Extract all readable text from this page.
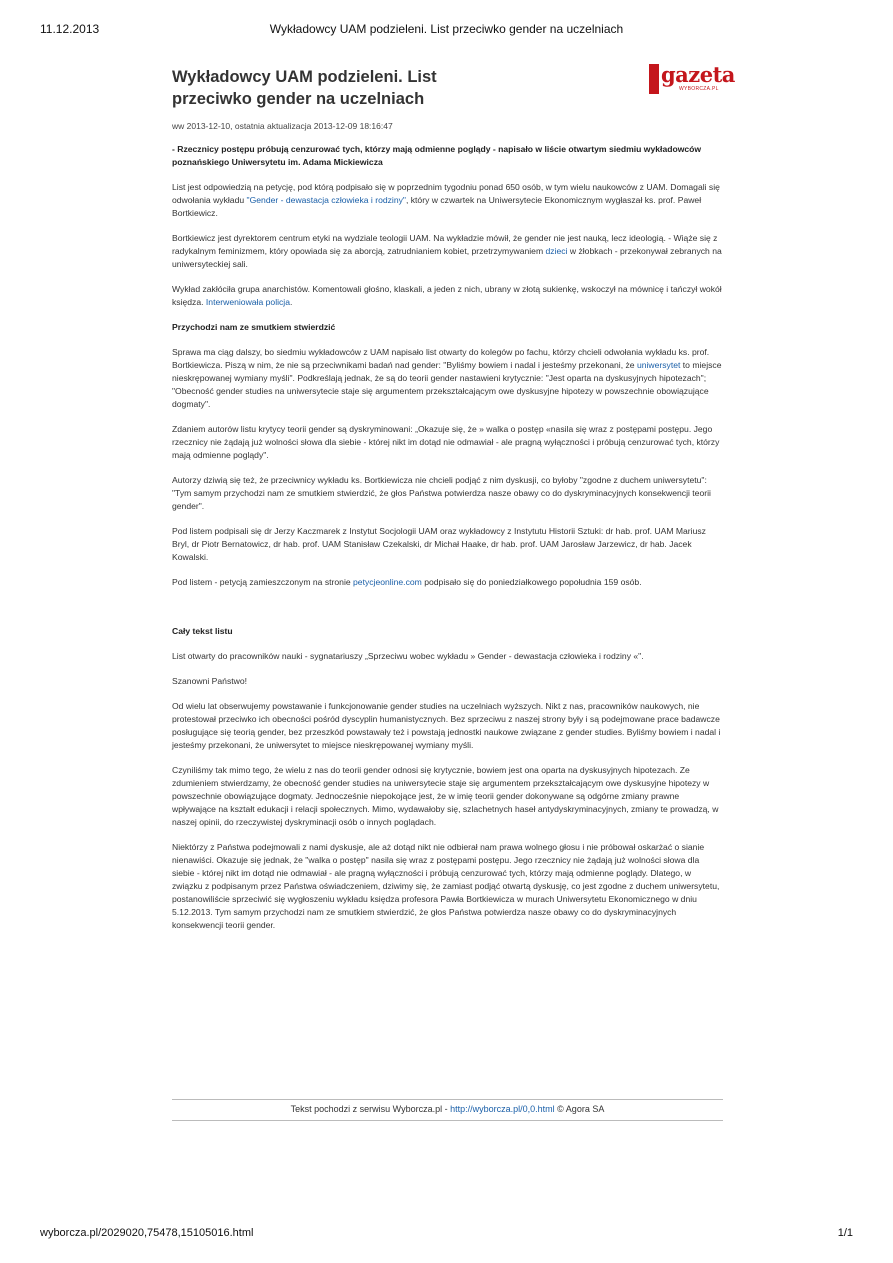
11.12.2013	Wykładowcy UAM podzieleni. List przeciwko gender na uczelniach
gazeta
WYBORCZA.PL
Wykładowcy UAM podzieleni. List przeciwko gender na uczelniach
ww 2013-12-10, ostatnia aktualizacja 2013-12-09 18:16:47
- Rzecznicy postępu próbują cenzurować tych, którzy mają odmienne poglądy - napisało w liście otwartym siedmiu wykładowców poznańskiego Uniwersytetu im. Adama Mickiewicza

List jest odpowiedzią na petycję, pod którą podpisało się w poprzednim tygodniu ponad 650 osób, w tym wielu naukowców z UAM. Domagali się odwołania wykładu "Gender - dewastacja człowieka i rodziny", który w czwartek na Uniwersytecie Ekonomicznym wygłaszał ks. prof. Paweł Bortkiewicz.

Bortkiewicz jest dyrektorem centrum etyki na wydziale teologii UAM. Na wykładzie mówił, że gender nie jest nauką, lecz ideologią. - Wiąże się z radykalnym feminizmem, który opowiada się za aborcją, zatrudnianiem kobiet, przetrzymywaniem dzieci w żłobkach - przekonywał zebranych na uniwersyteckiej sali.

Wykład zakłóciła grupa anarchistów. Komentowali głośno, klaskali, a jeden z nich, ubrany w złotą sukienkę, wskoczył na mównicę i tańczył wokół księdza. Interweniowała policja.

Przychodzi nam ze smutkiem stwierdzić

Sprawa ma ciąg dalszy, bo siedmiu wykładowców z UAM napisało list otwarty do kolegów po fachu, którzy chcieli odwołania wykładu ks. prof. Bortkiewicza. Piszą w nim, że nie są przeciwnikami badań nad gender: "Byliśmy bowiem i nadal i jesteśmy przekonani, że uniwersytet to miejsce nieskrępowanej wymiany myśli". Podkreślają jednak, że są do teorii gender nastawieni krytycznie: "Jest oparta na dyskusyjnych hipotezach"; "Obecność gender studies na uniwersytecie staje się argumentem przekształcającym owe dyskusyjne hipotezy w powszechnie obowiązujące dogmaty".

Zdaniem autorów listu krytycy teorii gender są dyskryminowani: „Okazuje się, że » walka o postęp «nasila się wraz z postępami postępu. Jego rzecznicy nie żądają już wolności słowa dla siebie - której nikt im dotąd nie odmawiał - ale pragną wyłączności i próbują cenzurować tych, którzy mają odmienne poglądy".

Autorzy dziwią się też, że przeciwnicy wykładu ks. Bortkiewicza nie chcieli podjąć z nim dyskusji, co byłoby "zgodne z duchem uniwersytetu": "Tym samym przychodzi nam ze smutkiem stwierdzić, że głos Państwa potwierdza nasze obawy co do dyskryminacyjnych konsekwencji teorii gender".

Pod listem podpisali się dr Jerzy Kaczmarek z Instytut Socjologii UAM oraz wykładowcy z Instytutu Historii Sztuki: dr hab. prof. UAM Mariusz Bryl, dr Piotr Bernatowicz, dr hab. prof. UAM Stanisław Czekalski, dr Michał Haake, dr hab. prof. UAM Jarosław Jarzewicz, dr hab. Jacek Kowalski.

Pod listem - petycją zamieszczonym na stronie petycjeonline.com podpisało się do poniedziałkowego popołudnia 159 osób.

Cały tekst listu

List otwarty do pracowników nauki - sygnatariuszy „Sprzeciwu wobec wykładu » Gender - dewastacja człowieka i rodziny «".

Szanowni Państwo!

Od wielu lat obserwujemy powstawanie i funkcjonowanie gender studies na uczelniach wyższych. Nikt z nas, pracowników naukowych, nie protestował przeciwko ich obecności pośród dyscyplin humanistycznych. Bez sprzeciwu z naszej strony były i są podejmowane prace badawcze posługujące się teorią gender, bez przeszkód powstawały też i powstają jednostki naukowe związane z gender studies. Byliśmy bowiem i nadal i jesteśmy przekonani, że uniwersytet to miejsce nieskrępowanej wymiany myśli.

Czyniliśmy tak mimo tego, że wielu z nas do teorii gender odnosi się krytycznie, bowiem jest ona oparta na dyskusyjnych hipotezach. Ze zdumieniem stwierdzamy, że obecność gender studies na uniwersytecie staje się argumentem przekształcającym owe dyskusyjne hipotezy w powszechnie obowiązujące dogmaty. Jednocześnie niepokojące jest, że w imię teorii gender dokonywane są odgórne zmiany prawne wpływające na kształt edukacji i relacji społecznych. Mimo, wydawałoby się, szlachetnych haseł antydyskryminacyjnych, zmiany te prowadzą, w naszej opinii, do rzeczywistej dyskryminacji osób o innych poglądach.

Niektórzy z Państwa podejmowali z nami dyskusje, ale aż dotąd nikt nie odbierał nam prawa wolnego głosu i nie próbował oskarżać o sianie nienawiści. Okazuje się jednak, że "walka o postęp" nasila się wraz z postępami postępu. Jego rzecznicy nie żądają już wolności słowa dla siebie - której nikt im dotąd nie odmawiał - ale pragną wyłączności i próbują cenzurować tych, którzy mają odmienne poglądy. Dlatego, w związku z podpisanym przez Państwa oświadczeniem, dziwimy się, że zamiast podjąć otwartą dyskusję, co jest zgodne z duchem uniwersytetu, postanowiliście sprzeciwić się wygłoszeniu wykładu księdza profesora Pawła Bortkiewicza w murach Uniwersytetu Ekonomicznego w dniu 5.12.2013. Tym samym przychodzi nam ze smutkiem stwierdzić, że głos Państwa potwierdza nasze obawy co do dyskryminacyjnych konsekwencji teorii gender.

Tekst pochodzi z serwisu Wyborcza.pl - http://wyborcza.pl/0,0.html © Agora SA
wyborcza.pl/2029020,75478,15105016.html	1/1
